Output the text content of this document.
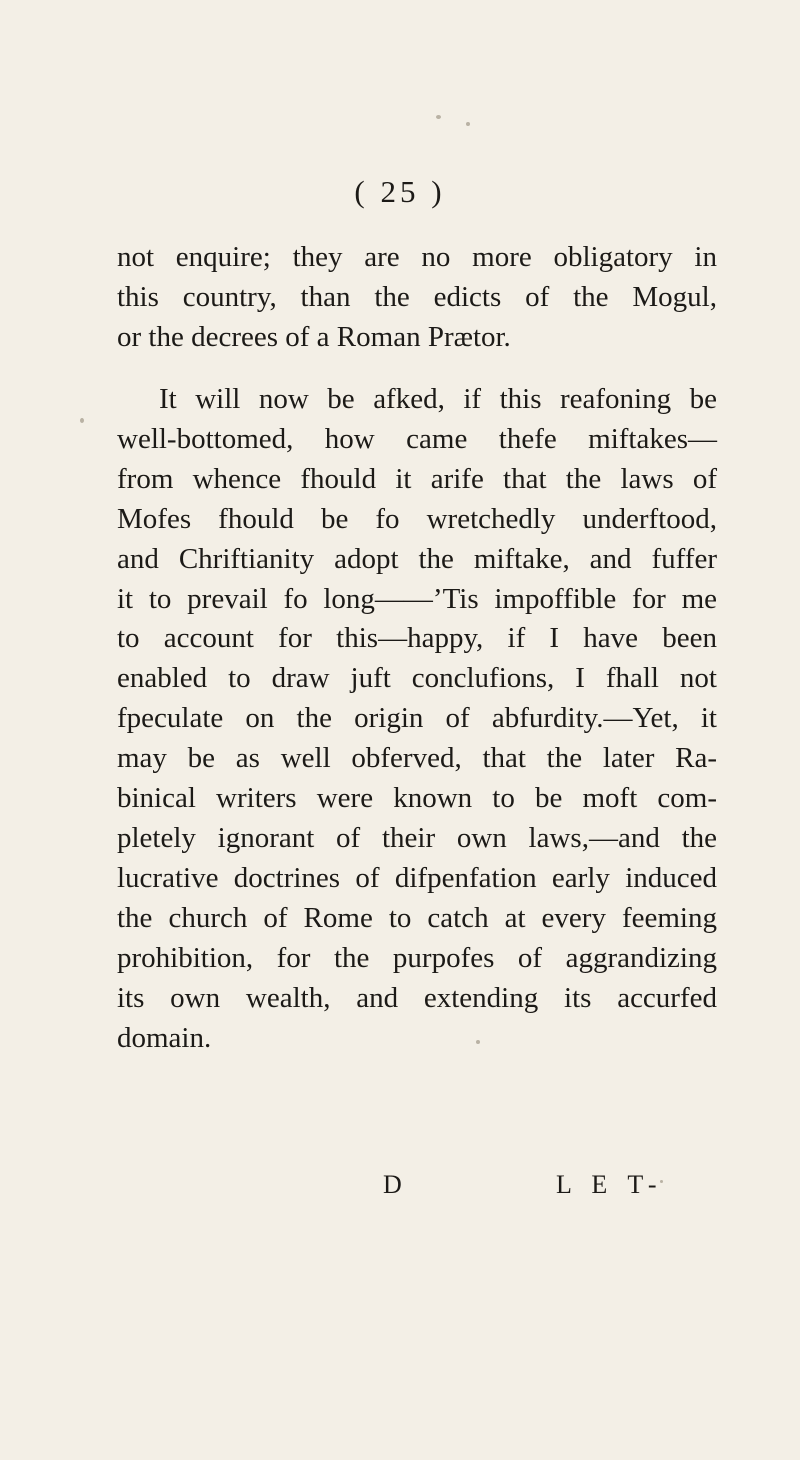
( 25 )
not enquire; they are no more obligatory in
this country, than the edicts of the Mogul,
or the decrees of a Roman Prætor.
It will now be afked, if this reafoning be
well-bottomed, how came thefe miftakes—
from whence fhould it arife that the laws of
Mofes fhould be fo wretchedly underftood,
and Chriftianity adopt the miftake, and fuffer
it to prevail fo long——’Tis impoffible for me
to account for this—happy, if I have been
enabled to draw juft conclufions, I fhall not
fpeculate on the origin of abfurdity.—Yet, it
may be as well obferved, that the later Ra-
binical writers were known to be moft com-
pletely ignorant of their own laws,—and the
lucrative doctrines of difpenfation early induced
the church of Rome to catch at every feeming
prohibition, for the purpofes of aggrandizing
its own wealth, and extending its accurfed
domain.
D	L E T-
